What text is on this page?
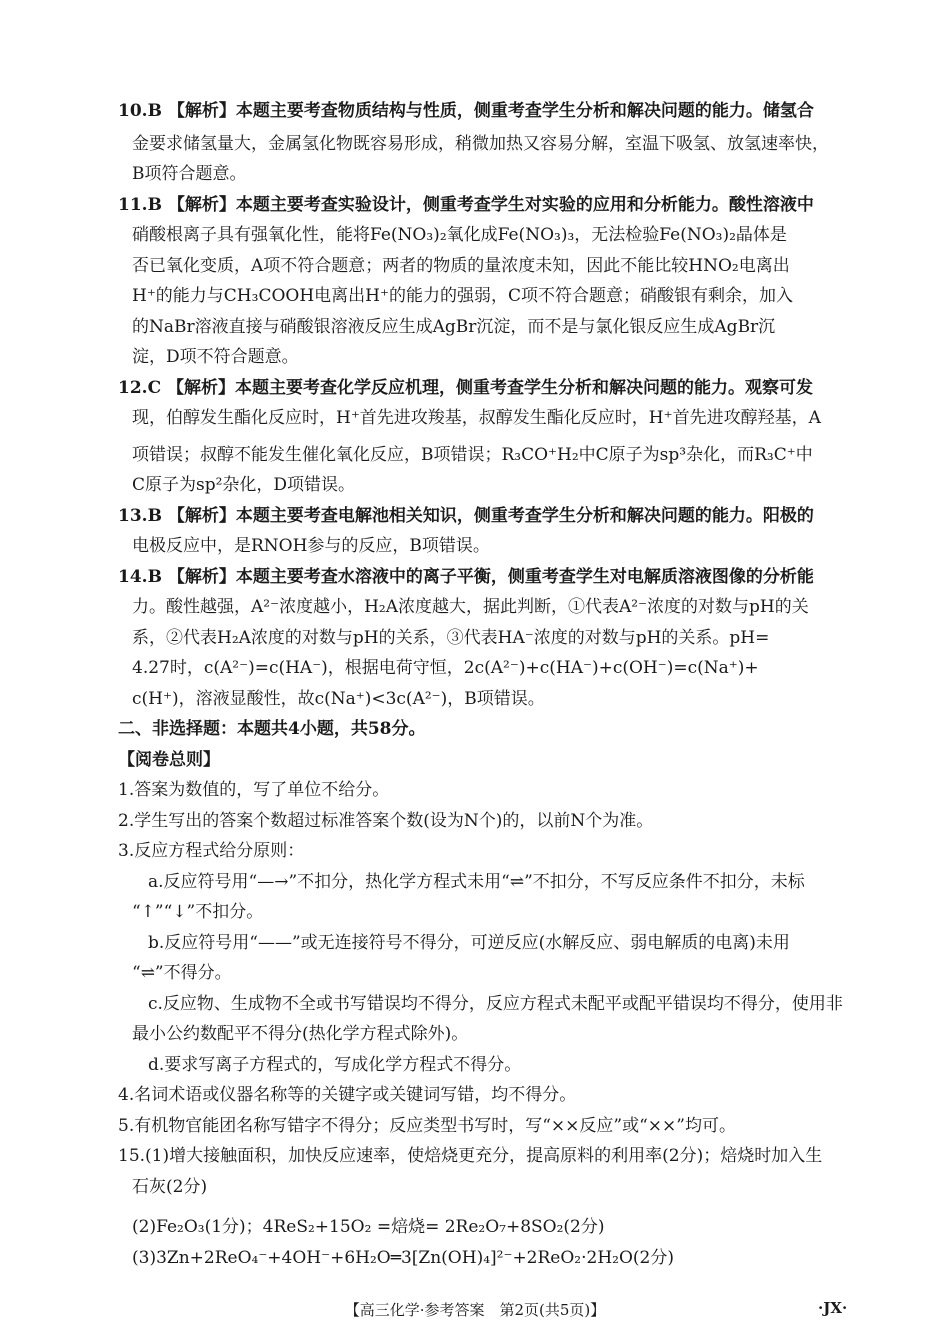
10.B 【解析】本题主要考查物质结构与性质，侧重考查学生分析和解决问题的能力。储氢合
金要求储氢量大，金属氢化物既容易形成，稍微加热又容易分解，室温下吸氢、放氢速率快，
B项符合题意。
11.B 【解析】本题主要考查实验设计，侧重考查学生对实验的应用和分析能力。酸性溶液中
硝酸根离子具有强氧化性，能将Fe(NO₃)₂氧化成Fe(NO₃)₃，无法检验Fe(NO₃)₂晶体是
否已氧化变质，A项不符合题意；两者的物质的量浓度未知，因此不能比较HNO₂电离出
H⁺的能力与CH₃COOH电离出H⁺的能力的强弱，C项不符合题意；硝酸银有剩余，加入
的NaBr溶液直接与硝酸银溶液反应生成AgBr沉淀，而不是与氯化银反应生成AgBr沉
淀，D项不符合题意。
12.C 【解析】本题主要考查化学反应机理，侧重考查学生分析和解决问题的能力。观察可发
现，伯醇发生酯化反应时，H⁺首先进攻羧基，叔醇发生酯化反应时，H⁺首先进攻醇羟基，A
项错误；叔醇不能发生催化氧化反应，B项错误；R₃CO⁺H₂中C原子为sp³杂化，而R₃C⁺中
C原子为sp²杂化，D项错误。
13.B 【解析】本题主要考查电解池相关知识，侧重考查学生分析和解决问题的能力。阳极的
电极反应中，是RNOH参与的反应，B项错误。
14.B 【解析】本题主要考查水溶液中的离子平衡，侧重考查学生对电解质溶液图像的分析能
力。酸性越强，A²⁻浓度越小，H₂A浓度越大，据此判断，①代表A²⁻浓度的对数与pH的关
系，②代表H₂A浓度的对数与pH的关系，③代表HA⁻浓度的对数与pH的关系。pH=
4.27时，c(A²⁻)=c(HA⁻)，根据电荷守恒，2c(A²⁻)+c(HA⁻)+c(OH⁻)=c(Na⁺)+
c(H⁺)，溶液显酸性，故c(Na⁺)<3c(A²⁻)，B项错误。
二、非选择题：本题共4小题，共58分。
【阅卷总则】
1.答案为数值的，写了单位不给分。
2.学生写出的答案个数超过标准答案个数(设为N个)的，以前N个为准。
3.反应方程式给分原则：
a.反应符号用“—→”不扣分，热化学方程式未用“⇌”不扣分，不写反应条件不扣分，未标
“↑”“↓”不扣分。
b.反应符号用“——”或无连接符号不得分，可逆反应(水解反应、弱电解质的电离)未用
“⇌”不得分。
c.反应物、生成物不全或书写错误均不得分，反应方程式未配平或配平错误均不得分，使用非
最小公约数配平不得分(热化学方程式除外)。
d.要求写离子方程式的，写成化学方程式不得分。
4.名词术语或仪器名称等的关键字或关键词写错，均不得分。
5.有机物官能团名称写错字不得分；反应类型书写时，写“××反应”或“××”均可。
15.(1)增大接触面积，加快反应速率，使焙烧更充分，提高原料的利用率(2分)；焙烧时加入生
石灰(2分)
(2)Fe₂O₃(1分)；4ReS₂+15O₂ =焙烧= 2Re₂O₇+8SO₂(2分)
(3)3Zn+2ReO₄⁻+4OH⁻+6H₂O═3[Zn(OH)₄]²⁻+2ReO₂·2H₂O(2分)
【高三化学·参考答案　第2页(共5页)】	·JX·
